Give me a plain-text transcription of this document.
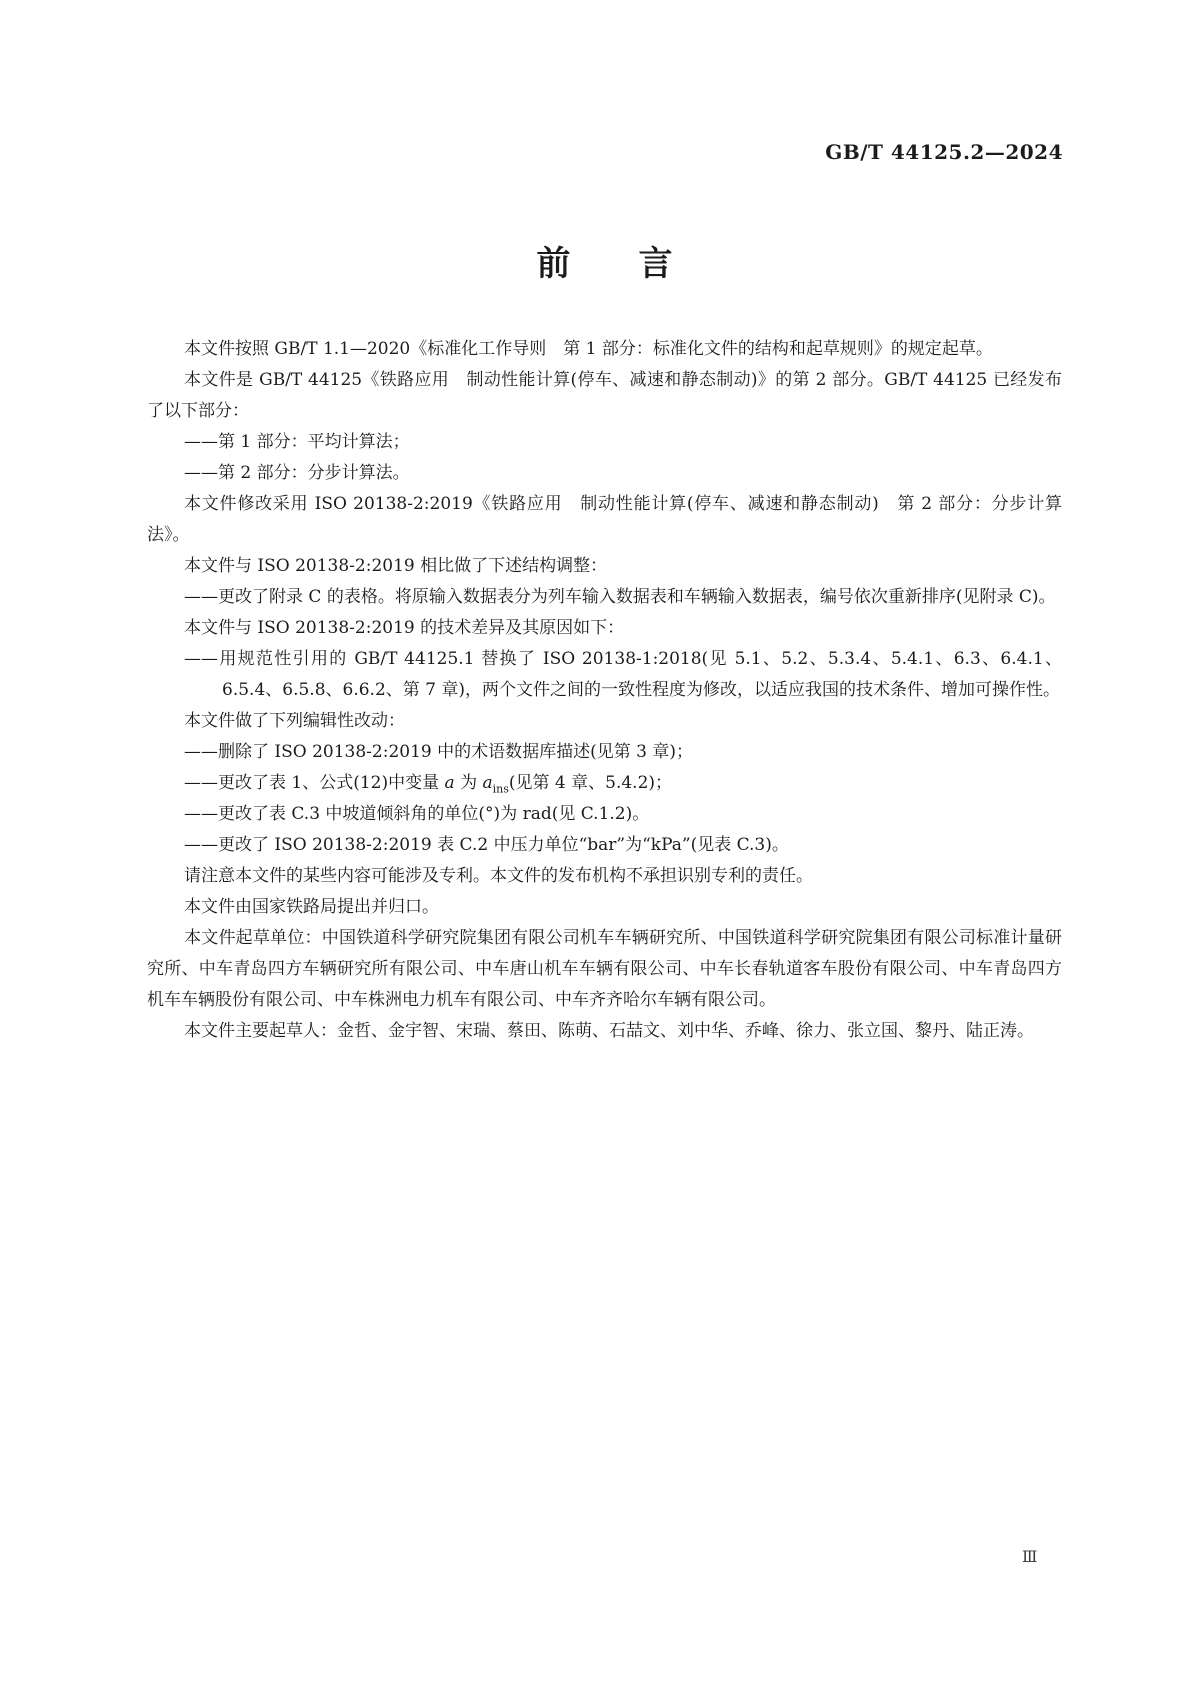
GB/T 44125.2—2024
前　　言

本文件按照 GB/T 1.1—2020《标准化工作导则　第 1 部分：标准化文件的结构和起草规则》的规定起草。

本文件是 GB/T 44125《铁路应用　制动性能计算(停车、减速和静态制动)》的第 2 部分。GB/T 44125 已经发布了以下部分：

——第 1 部分：平均计算法；

——第 2 部分：分步计算法。

本文件修改采用 ISO 20138-2:2019《铁路应用　制动性能计算(停车、减速和静态制动)　第 2 部分：分步计算法》。

本文件与 ISO 20138-2:2019 相比做了下述结构调整：

——更改了附录 C 的表格。将原输入数据表分为列车输入数据表和车辆输入数据表，编号依次重新排序(见附录 C)。

本文件与 ISO 20138-2:2019 的技术差异及其原因如下：

——用规范性引用的 GB/T 44125.1 替换了 ISO 20138-1:2018(见 5.1、5.2、5.3.4、5.4.1、6.3、6.4.1、6.5.4、6.5.8、6.6.2、第 7 章)，两个文件之间的一致性程度为修改，以适应我国的技术条件、增加可操作性。

本文件做了下列编辑性改动：

——删除了 ISO 20138-2:2019 中的术语数据库描述(见第 3 章)；

——更改了表 1、公式(12)中变量 a 为 $a_{ins}$(见第 4 章、5.4.2)；

——更改了表 C.3 中坡道倾斜角的单位(°)为 rad(见 C.1.2)。

——更改了 ISO 20138-2:2019 表 C.2 中压力单位“bar”为“kPa”(见表 C.3)。

请注意本文件的某些内容可能涉及专利。本文件的发布机构不承担识别专利的责任。

本文件由国家铁路局提出并归口。

本文件起草单位：中国铁道科学研究院集团有限公司机车车辆研究所、中国铁道科学研究院集团有限公司标准计量研究所、中车青岛四方车辆研究所有限公司、中车唐山机车车辆有限公司、中车长春轨道客车股份有限公司、中车青岛四方机车车辆股份有限公司、中车株洲电力机车有限公司、中车齐齐哈尔车辆有限公司。

本文件主要起草人：金哲、金宇智、宋瑞、蔡田、陈萌、石喆文、刘中华、乔峰、徐力、张立国、黎丹、陆正涛。

Ⅲ
